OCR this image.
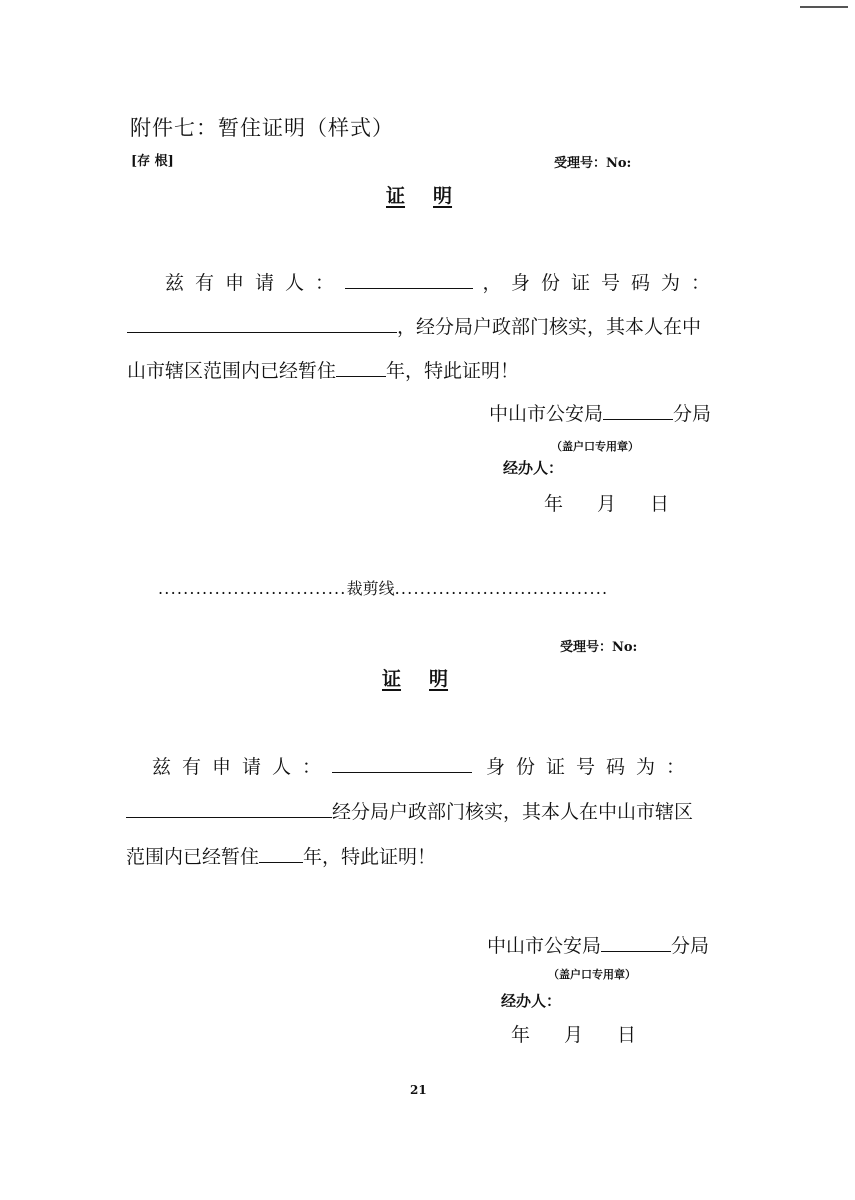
附件七：暂住证明（样式）
[存 根]	受理号：No:
证 明
兹有申请人：	， 身份证号码为：
，经分局户政部门核实，其本人在中
山市辖区范围内已经暂住	年，特此证明！
中山市公安局	分局
（盖户口专用章）
经办人：
年 月 日
..............................裁剪线..................................
受理号：No:
证 明
兹有申请人：	身份证号码为：
经分局户政部门核实，其本人在中山市辖区
范围内已经暂住 年，特此证明！
中山市公安局	分局
（盖户口专用章）
经办人：
年 月 日
21
